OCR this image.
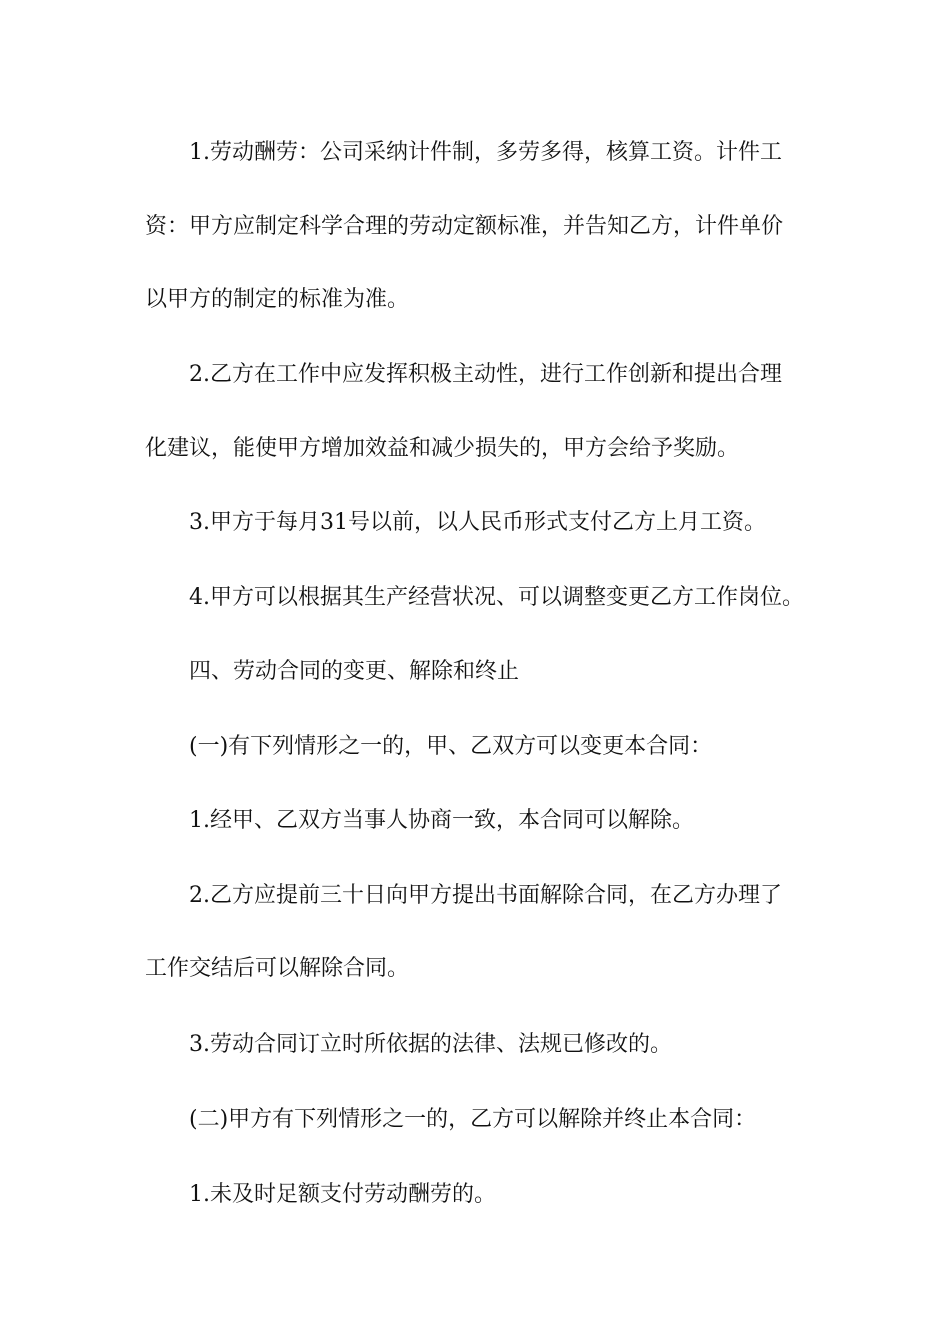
1.劳动酬劳：公司采纳计件制，多劳多得，核算工资。计件工
资：甲方应制定科学合理的劳动定额标准，并告知乙方，计件单价
以甲方的制定的标准为准。
2.乙方在工作中应发挥积极主动性，进行工作创新和提出合理
化建议，能使甲方增加效益和减少损失的，甲方会给予奖励。
3.甲方于每月31号以前，以人民币形式支付乙方上月工资。
4.甲方可以根据其生产经营状况、可以调整变更乙方工作岗位。
四、劳动合同的变更、解除和终止
(一)有下列情形之一的，甲、乙双方可以变更本合同：
1.经甲、乙双方当事人协商一致，本合同可以解除。
2.乙方应提前三十日向甲方提出书面解除合同，在乙方办理了
工作交结后可以解除合同。
3.劳动合同订立时所依据的法律、法规已修改的。
(二)甲方有下列情形之一的，乙方可以解除并终止本合同：
1.未及时足额支付劳动酬劳的。
